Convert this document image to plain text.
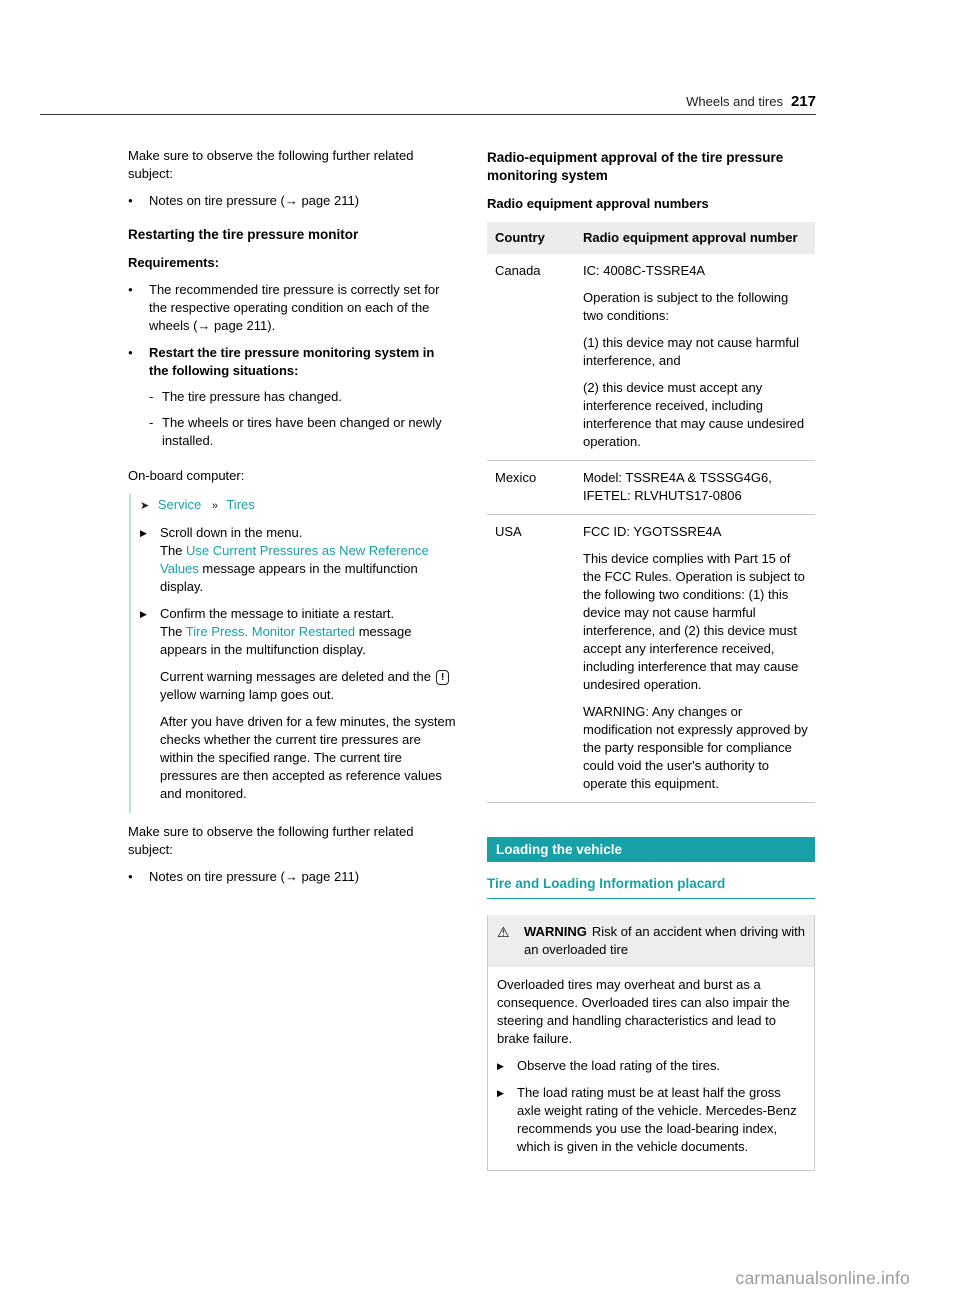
Wheels and tires 217

Make sure to observe the following further related subject:

●	Notes on tire pressure (→ page 211)
Restarting the tire pressure monitor

Requirements:

●	The recommended tire pressure is correctly set for the respective operating condition on each of the wheels (→ page 211).
●	Restart the tire pressure monitoring system in the following situations:
- The tire pressure has changed.
- The wheels or tires have been changed or newly installed.

On-board computer:

➤ Service » Tires
▶	Scroll down in the menu.

The Use Current Pressures as New Reference Values message appears in the multifunction display.

▶	Confirm the message to initiate a restart.

The Tire Press. Monitor Restarted message appears in the multifunction display.

Current warning messages are deleted and the !yellow warning lamp goes out.

After you have driven for a few minutes, the system checks whether the current tire pressures are within the specified range. The current tire pressures are then accepted as reference values and monitored.

Make sure to observe the following further related subject:

●	Notes on tire pressure (→ page 211)
Radio-equipment approval of the tire pressure monitoring system

Radio equipment approval numbers

Country	Radio equipment approval number
Canada	IC: 4008C-TSSRE4A

Operation is subject to the following two conditions:

(1) this device may not cause harmful interference, and

(2) this device must accept any interference received, including interference that may cause undesired operation.

Mexico	Model: TSSRE4A & TSSSG4G6, IFETEL: RLVHUTS17-0806

USA	FCC ID: YGOTSSRE4A

This device complies with Part 15 of the FCC Rules. Operation is subject to the following two conditions: (1) this device may not cause harmful interference, and (2) this device must accept any interference received, including interference that may cause undesired operation.

WARNING: Any changes or modification not expressly approved by the party responsible for compliance could void the user's authority to operate this equipment.

Loading the vehicle
Tire and Loading Information placard
⚠	WARNING Risk of an accident when driving with an overloaded tire

Overloaded tires may overheat and burst as a consequence. Overloaded tires can also impair the steering and handling characteristics and lead to brake failure.

▶	Observe the load rating of the tires.

▶	The load rating must be at least half the gross axle weight rating of the vehicle. Mercedes-Benz recommends you use the load-bearing index, which is given in the vehicle documents.

carmanualsonline.info
